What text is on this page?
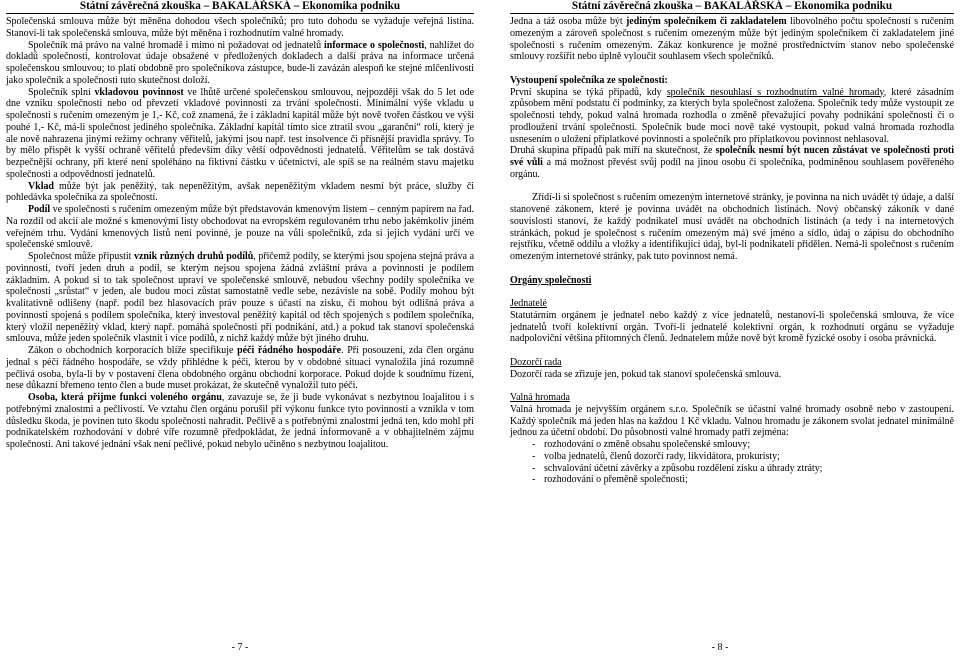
Státní závěrečná zkouška – BAKALÁŘSKÁ – Ekonomika podniku

Společenská smlouva může být měněna dohodou všech společníků; pro tuto dohodu se vyžaduje veřejná listina. Stanoví-li tak společenská smlouva, může být měněna i rozhodnutím valné hromady.

Společník má právo na valné hromadě i mimo ni požadovat od jednatelů informace o společnosti, nahlížet do dokladů společnosti, kontrolovat údaje obsažené v předložených dokladech a další práva na informace určená společenskou smlouvou; to platí obdobně pro společníkova zástupce, bude-li zavázán alespoň ke stejné mlčenlivosti jako společník a společnosti tuto skutečnost doloží.

Společník splní vkladovou povinnost ve lhůtě určené společenskou smlouvou, nejpozději však do 5 let ode dne vzniku společnosti nebo od převzetí vkladové povinnosti za trvání společnosti. Minimální výše vkladu u společnosti s ručením omezeným je 1,- Kč, což znamená, že i základní kapitál může být nově tvořen částkou ve výši pouhé 1,- Kč, má-li společnost jediného společníka. Základní kapitál tímto sice ztratil svou „garanční“ roli, který je ale nově nahrazena jinými režimy ochrany věřitelů, jakými jsou např. test insolvence či přísnější pravidla správy. To by mělo přispět k vyšší ochraně věřitelů především díky větší odpovědnosti jednatelů. Věřitelům se tak dostává bezpečnější ochrany, při které není spoléháno na fiktivní částku v účetnictví, ale spíš se na reálném stavu majetku společnosti a odpovědnosti jednatelů.

Vklad může být jak peněžitý, tak nepeněžitým, avšak nepeněžitým vkladem nesmí být práce, služby či pohledávka společníka za společností.

Podíl ve společnosti s ručením omezeným může být představován kmenovým listem – cenným papírem na řad. Na rozdíl od akcií ale možné s kmenovými listy obchodovat na evropském regulovaném trhu nebo jakémkoliv jiném veřejném trhu. Vydání kmenových listů není povinné, je pouze na vůli společníků, zda si jejich vydání určí ve společenské smlouvě.

Společnost může připustit vznik různých druhů podílů, přičemž podíly, se kterými jsou spojena stejná práva a povinnosti, tvoří jeden druh a podíl, se kterým nejsou spojena žádná zvláštní práva a povinnosti je podílem základním. A pokud si to tak společnost upraví ve společenské smlouvě, nebudou všechny podíly společníka ve společnosti „srůstat“ v jeden, ale budou moci zůstat samostatně vedle sebe, nezávisle na sobě. Podíly mohou být kvalitativně odlišeny (např. podíl bez hlasovacích práv pouze s účastí na zisku, či mohou být odlišná práva a povinnosti spojená s podílem společníka, který investoval peněžitý kapitál od těch spojených s podílem společníka, který vložil nepeněžitý vklad, který např. pomáhá společnosti při podnikání, atd.) a pokud tak stanoví společenská smlouva, může jeden společník vlastnit i více podílů, z nichž každý může být jiného druhu.

Zákon o obchodních korporacích blíže specifikuje péči řádného hospodáře. Při posouzení, zda člen orgánu jednal s péčí řádného hospodáře, se vždy přihlédne k péči, kterou by v obdobné situaci vynaložila jiná rozumně pečlivá osoba, byla-li by v postavení člena obdobného orgánu obchodní korporace. Pokud dojde k soudnímu řízení, nese důkazní břemeno tento člen a bude muset prokázat, že skutečně vynaložil tuto péči.

Osoba, která přijme funkci voleného orgánu, zavazuje se, že ji bude vykonávat s nezbytnou loajalitou i s potřebnými znalostmi a pečlivostí. Ve vztahu člen orgánu porušil při výkonu funkce tyto povinnosti a vznikla v tom důsledku škoda, je povinen tuto škodu společnosti nahradit. Pečlivě a s potřebnými znalostmi jedná ten, kdo mohl při podnikatelském rozhodování v dobré víře rozumně předpokládat, že jedná informovaně a v obhajitelném zájmu společnosti. Ani takové jednání však není pečlivé, pokud nebylo učiněno s nezbytnou loajalitou.

- 7 -
Státní závěrečná zkouška – BAKALÁŘSKÁ – Ekonomika podniku

Jedna a táž osoba může být jediným společníkem či zakladatelem libovolného počtu společností s ručením omezeným a zároveň společnost s ručením omezeným může být jediným společníkem či zakladatelem jiné společnosti s ručením omezeným. Zákaz konkurence je možné prostřednictvím stanov nebo společenské smlouvy rozšířit nebo úplně vyloučit souhlasem všech společníků.

Vystoupení společníka ze společnosti:

První skupina se týká případů, kdy společník nesouhlasí s rozhodnutím valné hromady, které zásadním způsobem mění podstatu či podmínky, za kterých byla společnost založena. Společník tedy může vystoupit ze společnosti tehdy, pokud valná hromada rozhodla o změně převažující povahy podnikání společnosti či o prodloužení trvání společnosti. Společník bude moci nově také vystoupit, pokud valná hromada rozhodla usnesením o uložení příplatkové povinnosti a společník pro příplatkovou povinnost nehlasoval.

Druhá skupina případů pak míří na skutečnost, že společník nesmí být nucen zůstávat ve společnosti proti své vůli a má možnost převést svůj podíl na jinou osobu či společníka, podmíněnou souhlasem pověřeného orgánu.

Zřídí-li si společnost s ručením omezeným internetové stránky, je povinna na nich uvádět tý údaje, a další stanovené zákonem, které je povinna uvádět na obchodních listinách. Nový občanský zákoník v dané souvislosti stanoví, že každý podnikatel musí uvádět na obchodních listinách (a tedy i na internetových stránkách, pokud je společnost s ručením omezeným má) své jméno a sídlo, údaj o zápisu do obchodního rejstříku, včetně oddílu a vložky a identifikující údaj, byl-li podnikateli přidělen. Nemá-li společnost s ručením omezeným internetové stránky, pak tuto povinnost nemá.

Orgány společnosti

Jednatelé

Statutárním orgánem je jednatel nebo každý z více jednatelů, nestanoví-li společenská smlouva, že více jednatelů tvoří kolektivní orgán. Tvoří-li jednatelé kolektivní orgán, k rozhodnutí orgánu se vyžaduje nadpoloviční většina přítomných členů. Jednatelem může nově být kromě fyzické osoby i osoba právnická.

Dozorčí rada

Dozorčí rada se zřizuje jen, pokud tak stanoví společenská smlouva.

Valná hromada

Valná hromada je nejvyšším orgánem s.r.o. Společník se účastní valné hromady osobně nebo v zastoupení. Každý společník má jeden hlas na každou 1 Kč vkladu. Valnou hromadu je zákonem svolat jednatel minimálně jednou za účetní období. Do působnosti valné hromady patří zejména:

- rozhodování o změně obsahu společenské smlouvy;
- volba jednatelů, členů dozorčí rady, likvidátora, prokuristy;
- schvalování účetní závěrky a způsobu rozdělení zisku a úhrady ztráty;
- rozhodování o přeměně společnosti;
- 8 -
